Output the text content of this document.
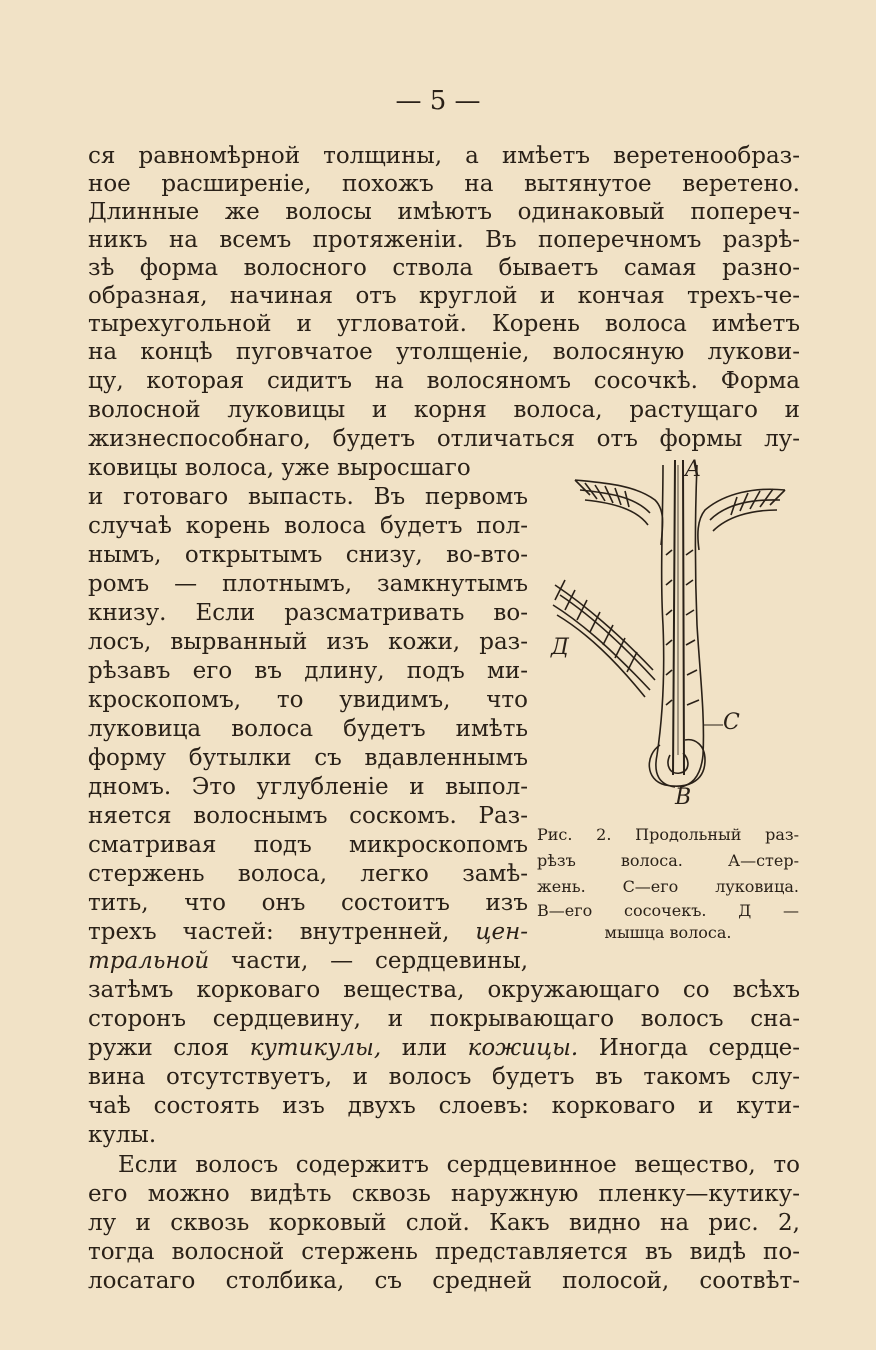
— 5 —
ся равномѣрной толщины, а имѣетъ веретенообраз-
ное расширенiе, похожъ на вытянутое веретено.
Длинные же волосы имѣютъ одинаковый попереч-
никъ на всемъ протяженiи. Въ поперечномъ разрѣ-
зѣ форма волосного ствола бываетъ самая разно-
образная, начиная отъ круглой и кончая трехъ-че-
тырехугольной и угловатой. Корень волоса имѣетъ
на концѣ пуговчатое утолщенiе, волосяную лукови-
цу, которая сидитъ на волосяномъ сосочкѣ. Форма
волосной луковицы и корня волоса, растущаго и
жизнеспособнаго, будетъ отличаться отъ формы лу-
ковицы волоса, уже выросшаго
и готоваго выпасть. Въ первомъ
случаѣ корень волоса будетъ пол-
нымъ, открытымъ снизу, во-вто-
ромъ — плотнымъ, замкнутымъ
книзу. Если разсматривать во-
лосъ, вырванный изъ кожи, раз-
рѣзавъ его въ длину, подъ ми-
кроскопомъ, то увидимъ, что
луковица волоса будетъ имѣть
форму бутылки съ вдавленнымъ
дномъ. Это углубленiе и выпол-
няется волоснымъ соскомъ. Раз-
сматривая подъ микроскопомъ
стержень волоса, легко замѣ-
тить, что онъ состоитъ изъ
трехъ частей: внутренней, цен-
тральной части, — сердцевины,
затѣмъ корковаго вещества, окружающаго со всѣхъ
сторонъ сердцевину, и покрывающаго волосъ сна-
ружи слоя кутикулы, или кожицы. Иногда сердце-
вина отсутствуетъ, и волосъ будетъ въ такомъ слу-
чаѣ состоять изъ двухъ слоевъ: корковаго и кути-
кулы.
Если волосъ содержитъ сердцевинное вещество, то
его можно видѣть сквозь наружную пленку—кутику-
лу и сквозь корковый слой. Какъ видно на рис. 2,
тогда волосной стержень представляется въ видѣ по-
лосатаго столбика, съ средней полосой, соотвѣт-
A
C
Д
B
Рис. 2. Продольный раз-
рѣзъ волоса. А—стер-
жень. С—его луковица.
В—его сосочекъ. Д —
мышца волоса.
